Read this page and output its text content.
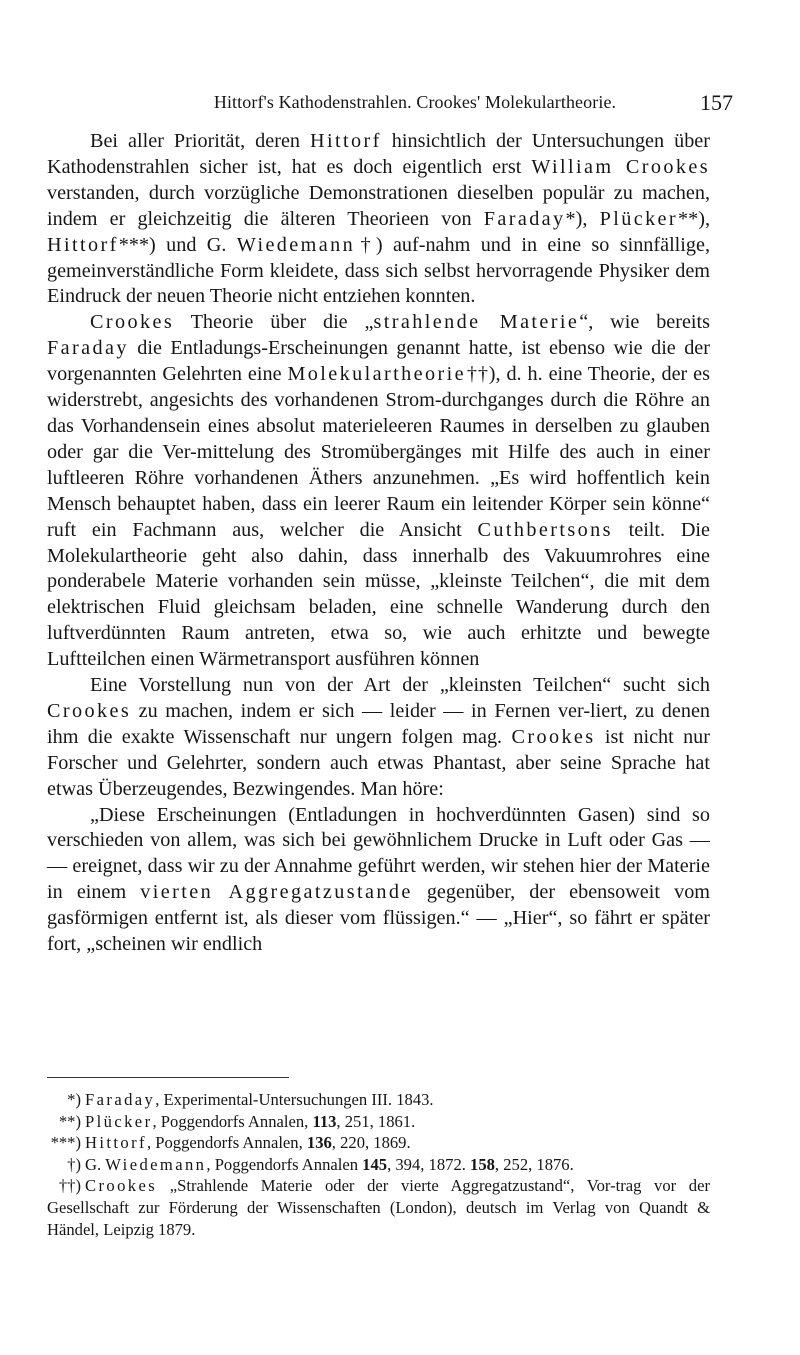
Hittorf's Kathodenstrahlen. Crookes' Molekulartheorie.	157

Bei aller Priorität, deren Hittorf hinsichtlich der Untersuchungen über Kathodenstrahlen sicher ist, hat es doch eigentlich erst William Crookes verstanden, durch vorzügliche Demonstrationen dieselben populär zu machen, indem er gleichzeitig die älteren Theorieen von Faraday*), Plücker**), Hittorf***) und G. Wiedemann†) auf-nahm und in eine so sinnfällige, gemeinverständliche Form kleidete, dass sich selbst hervorragende Physiker dem Eindruck der neuen Theorie nicht entziehen konnten.

Crookes Theorie über die „strahlende Materie“, wie bereits Faraday die Entladungs-Erscheinungen genannt hatte, ist ebenso wie die der vorgenannten Gelehrten eine Molekulartheorie††), d. h. eine Theorie, der es widerstrebt, angesichts des vorhandenen Strom-durchganges durch die Röhre an das Vorhandensein eines absolut materieleeren Raumes in derselben zu glauben oder gar die Ver-mittelung des Stromübergänges mit Hilfe des auch in einer luftleeren Röhre vorhandenen Äthers anzunehmen. „Es wird hoffentlich kein Mensch behauptet haben, dass ein leerer Raum ein leitender Körper sein könne“ ruft ein Fachmann aus, welcher die Ansicht Cuthbertsons teilt. Die Molekulartheorie geht also dahin, dass innerhalb des Vakuumrohres eine ponderabele Materie vorhanden sein müsse, „kleinste Teilchen“, die mit dem elektrischen Fluid gleichsam beladen, eine schnelle Wanderung durch den luftverdünnten Raum antreten, etwa so, wie auch erhitzte und bewegte Luftteilchen einen Wärmetransport ausführen können

Eine Vorstellung nun von der Art der „kleinsten Teilchen“ sucht sich Crookes zu machen, indem er sich — leider — in Fernen ver-liert, zu denen ihm die exakte Wissenschaft nur ungern folgen mag. Crookes ist nicht nur Forscher und Gelehrter, sondern auch etwas Phantast, aber seine Sprache hat etwas Überzeugendes, Bezwingendes. Man höre:

„Diese Erscheinungen (Entladungen in hochverdünnten Gasen) sind so verschieden von allem, was sich bei gewöhnlichem Drucke in Luft oder Gas — — ereignet, dass wir zu der Annahme geführt werden, wir stehen hier der Materie in einem vierten Aggregatzustande gegenüber, der ebensoweit vom gasförmigen entfernt ist, als dieser vom flüssigen.“ — „Hier“, so fährt er später fort, „scheinen wir endlich

*) Faraday, Experimental-Untersuchungen III. 1843.
**) Plücker, Poggendorfs Annalen, 113, 251, 1861.
***) Hittorf, Poggendorfs Annalen, 136, 220, 1869.
†) G. Wiedemann, Poggendorfs Annalen 145, 394, 1872. 158, 252, 1876.
††) Crookes „Strahlende Materie oder der vierte Aggregatzustand“, Vor-trag vor der Gesellschaft zur Förderung der Wissenschaften (London), deutsch im Verlag von Quandt & Händel, Leipzig 1879.
